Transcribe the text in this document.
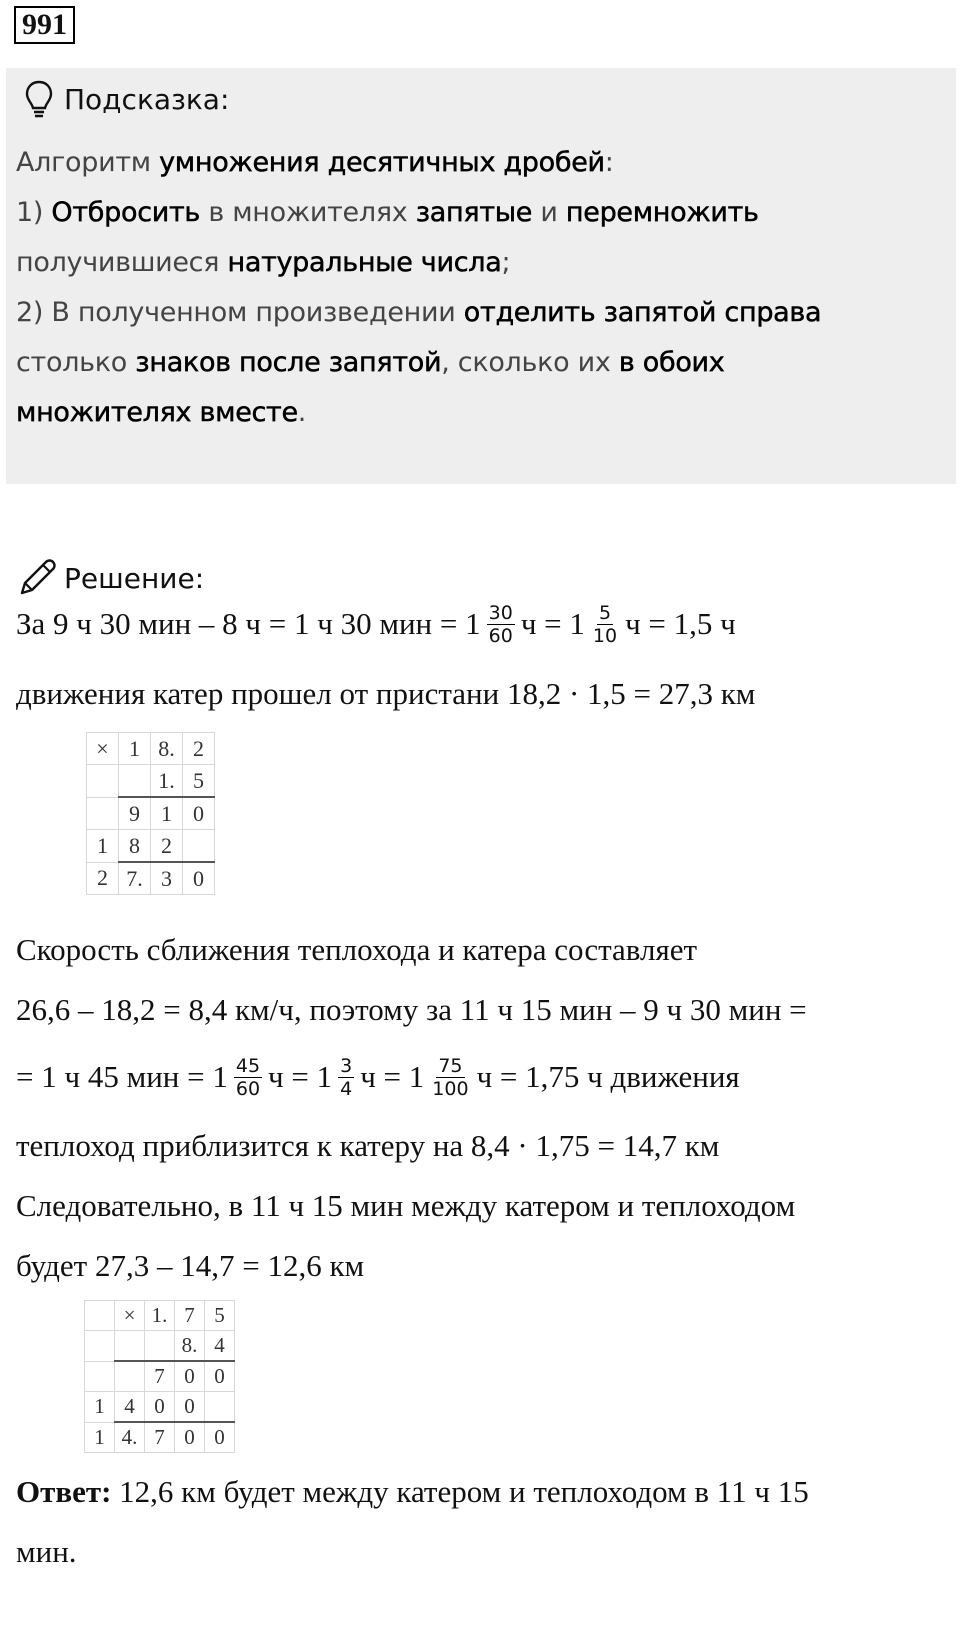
991
Подсказка:
Алгоритм умножения десятичных дробей:
1) Отбросить в множителях запятые и перемножить
получившиеся натуральные числа;
2) В полученном произведении отделить запятой справа
столько знаков после запятой, сколько их в обоих
множителях вместе.
Решение:
За 9 ч 30 мин – 8 ч = 1 ч 30 мин = $1 \frac{30}{60}$ $ч = 1 \frac{5}{10}$ ч = 1,5 ч
движения катер прошел от пристани 18,2 · 1,5 = 27,3 км
×	1	8.	2
		1.	5
	9	1	0
1	8	2	
2	7.	3	0
Скорость сближения теплохода и катера составляет
26,6 – 18,2 = 8,4 км/ч, поэтому за 11 ч 15 мин – 9 ч 30 мин =
= 1 ч 45 мин = $1 \frac{45}{60}$ $ч = 1 \frac{3}{4}$ $ч = 1 \frac{75}{100}$ ч = 1,75 ч движения
теплоход приблизится к катеру на 8,4 · 1,75 = 14,7 км
Следовательно, в 11 ч 15 мин между катером и теплоходом
будет 27,3 – 14,7 = 12,6 км
	×	1.	7	5
			8.	4
		7	0	0
1	4	0	0	
1	4.	7	0	0
Ответ:
12,6 км будет между катером и теплоходом в 11 ч 15
мин.
